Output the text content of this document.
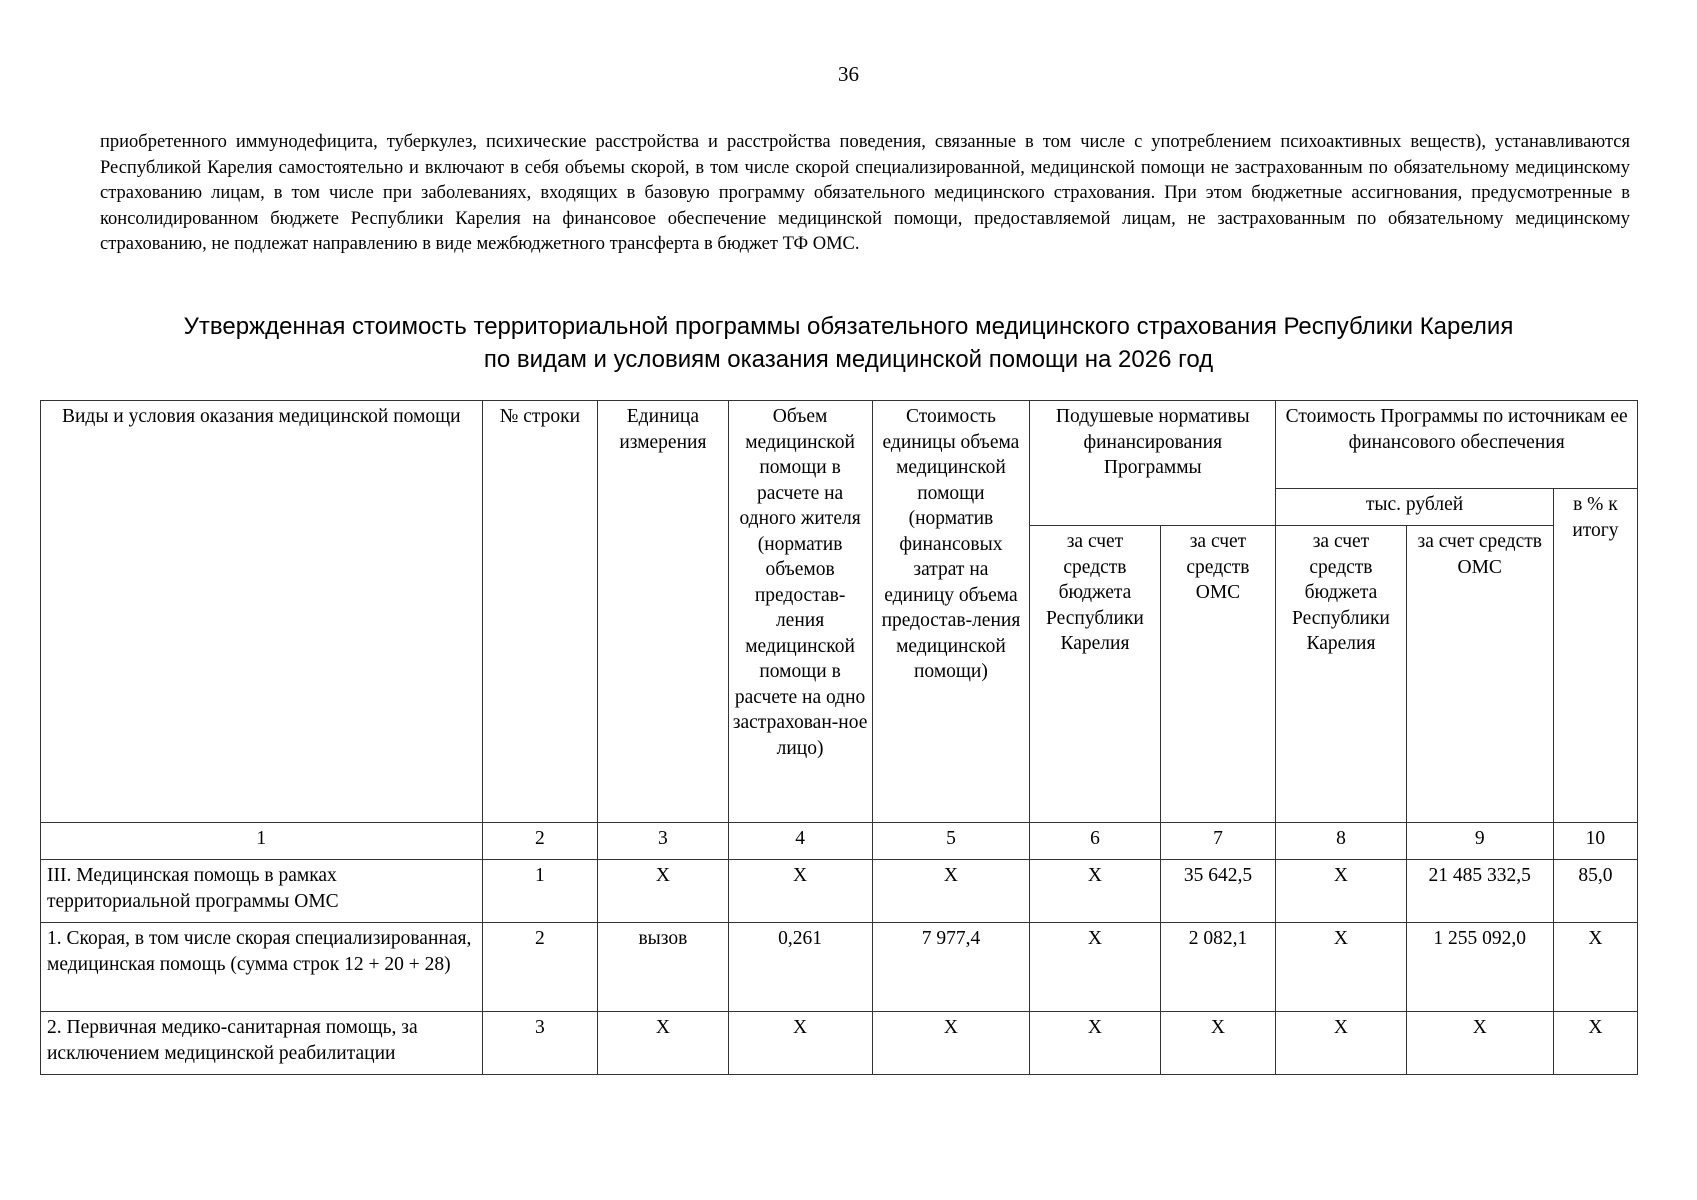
36
приобретенного иммунодефицита, туберкулез, психические расстройства и расстройства поведения, связанные в том числе с употреблением психоактивных веществ), устанавливаются Республикой Карелия самостоятельно и включают в себя объемы скорой, в том числе скорой специализированной, медицинской помощи не застрахованным по обязательному медицинскому страхованию лицам, в том числе при заболеваниях, входящих в базовую программу обязательного медицинского страхования. При этом бюджетные ассигнования, предусмотренные в консолидированном бюджете Республики Карелия на финансовое обеспечение медицинской помощи, предоставляемой лицам, не застрахованным по обязательному медицинскому страхованию, не подлежат направлению в виде межбюджетного трансферта в бюджет ТФ ОМС.
Утвержденная стоимость территориальной программы обязательного медицинского страхования Республики Карелия
по видам и условиям оказания медицинской помощи на 2026 год
Виды и условия оказания медицинской помощи	№ строки	Единица измерения	Объем медицинской помощи в расчете на одного жителя (норматив объемов предостав-ления медицинской помощи в расчете на одно застрахован-ное лицо)	Стоимость единицы объема медицинской помощи (норматив финансовых затрат на единицу объема предостав-ления медицинской помощи)	Подушевые нормативы финансирования Программы		Стоимость Программы по источникам ее финансового обеспечения		
							тыс. рублей		в % к итогу
					за счет средств бюджета Республики Карелия	за счет средств ОМС	за счет средств бюджета Республики Карелия	за счет средств ОМС	
1	2	3	4	5	6	7	8	9	10
III. Медицинская помощь в рамках территориальной программы ОМС	1	X	X	X	X	35 642,5	X	21 485 332,5	85,0
1. Скорая, в том числе скорая специализированная, медицинская помощь (сумма строк 12 + 20 + 28)	2	вызов	0,261	7 977,4	X	2 082,1	X	1 255 092,0	X
2. Первичная медико-санитарная помощь, за исключением медицинской реабилитации	3	X	X	X	X	X	X	X	X
